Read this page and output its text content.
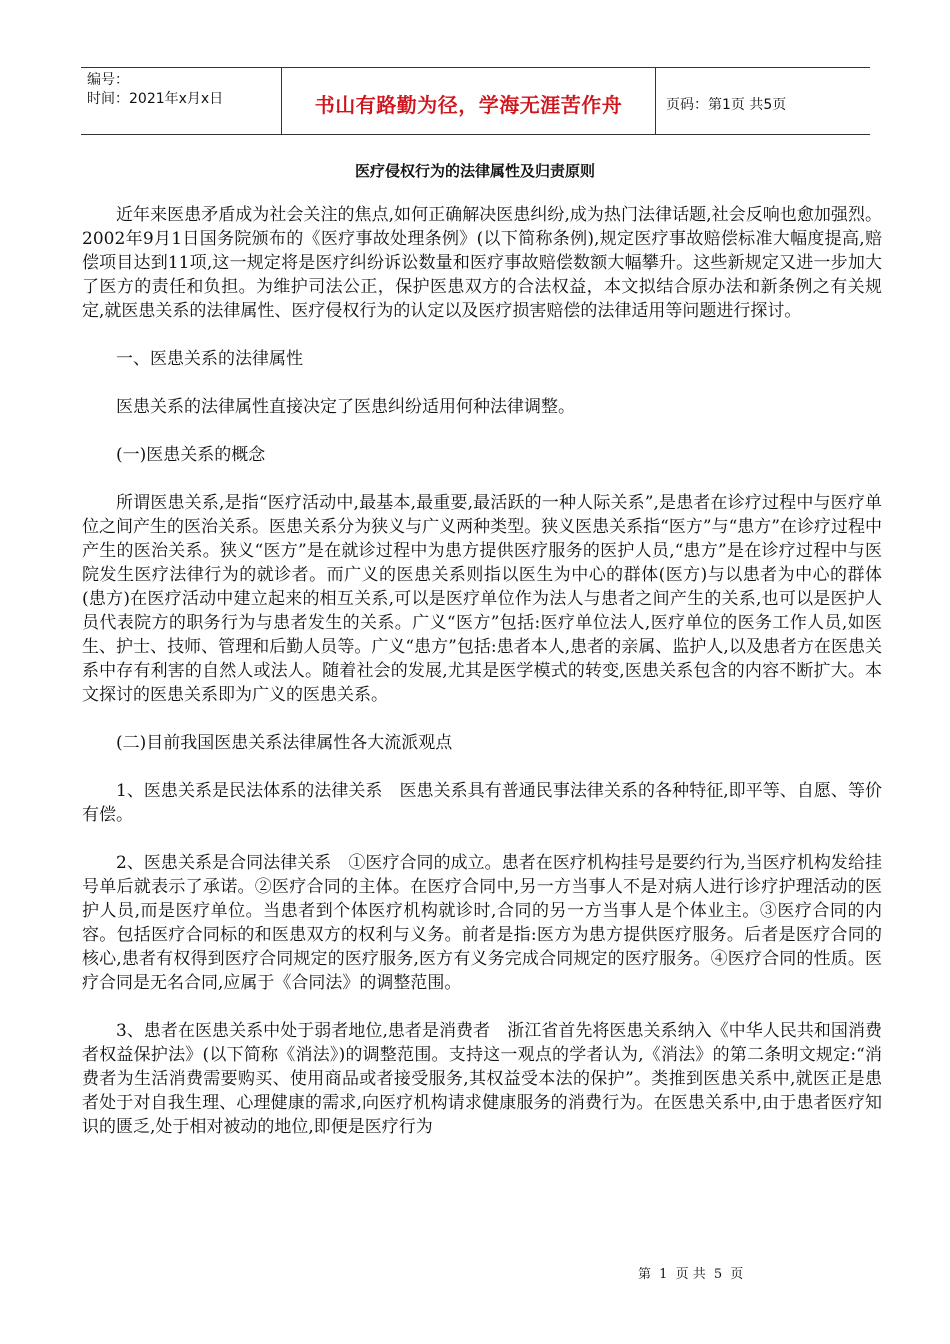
编号：
时间：2021年x月x日	书山有路勤为径，学海无涯苦作舟	页码：第1页 共5页
医疗侵权行为的法律属性及归责原则

近年来医患矛盾成为社会关注的焦点,如何正确解决医患纠纷,成为热门法律话题,社会反响也愈加强烈。2002年9月1日国务院颁布的《医疗事故处理条例》(以下简称条例),规定医疗事故赔偿标准大幅度提高,赔偿项目达到11项,这一规定将是医疗纠纷诉讼数量和医疗事故赔偿数额大幅攀升。这些新规定又进一步加大了医方的责任和负担。为维护司法公正，保护医患双方的合法权益，本文拟结合原办法和新条例之有关规定,就医患关系的法律属性、医疗侵权行为的认定以及医疗损害赔偿的法律适用等问题进行探讨。

一、医患关系的法律属性

医患关系的法律属性直接决定了医患纠纷适用何种法律调整。

(一)医患关系的概念

所谓医患关系,是指“医疗活动中,最基本,最重要,最活跃的一种人际关系”,是患者在诊疗过程中与医疗单位之间产生的医治关系。医患关系分为狭义与广义两种类型。狭义医患关系指“医方”与“患方”在诊疗过程中产生的医治关系。狭义“医方”是在就诊过程中为患方提供医疗服务的医护人员,“患方”是在诊疗过程中与医院发生医疗法律行为的就诊者。而广义的医患关系则指以医生为中心的群体(医方)与以患者为中心的群体(患方)在医疗活动中建立起来的相互关系,可以是医疗单位作为法人与患者之间产生的关系,也可以是医护人员代表院方的职务行为与患者发生的关系。广义“医方”包括:医疗单位法人,医疗单位的医务工作人员,如医生、护士、技师、管理和后勤人员等。广义“患方”包括:患者本人,患者的亲属、监护人,以及患者方在医患关系中存有利害的自然人或法人。随着社会的发展,尤其是医学模式的转变,医患关系包含的内容不断扩大。本文探讨的医患关系即为广义的医患关系。

(二)目前我国医患关系法律属性各大流派观点

1、医患关系是民法体系的法律关系　医患关系具有普通民事法律关系的各种特征,即平等、自愿、等价有偿。

2、医患关系是合同法律关系　①医疗合同的成立。患者在医疗机构挂号是要约行为,当医疗机构发给挂号单后就表示了承诺。②医疗合同的主体。在医疗合同中,另一方当事人不是对病人进行诊疗护理活动的医护人员,而是医疗单位。当患者到个体医疗机构就诊时,合同的另一方当事人是个体业主。③医疗合同的内容。包括医疗合同标的和医患双方的权利与义务。前者是指:医方为患方提供医疗服务。后者是医疗合同的核心,患者有权得到医疗合同规定的医疗服务,医方有义务完成合同规定的医疗服务。④医疗合同的性质。医疗合同是无名合同,应属于《合同法》的调整范围。

3、患者在医患关系中处于弱者地位,患者是消费者　浙江省首先将医患关系纳入《中华人民共和国消费者权益保护法》(以下简称《消法》)的调整范围。支持这一观点的学者认为,《消法》的第二条明文规定:“消费者为生活消费需要购买、使用商品或者接受服务,其权益受本法的保护”。类推到医患关系中,就医正是患者处于对自我生理、心理健康的需求,向医疗机构请求健康服务的消费行为。在医患关系中,由于患者医疗知识的匮乏,处于相对被动的地位,即便是医疗行为

第 1 页 共 5 页
